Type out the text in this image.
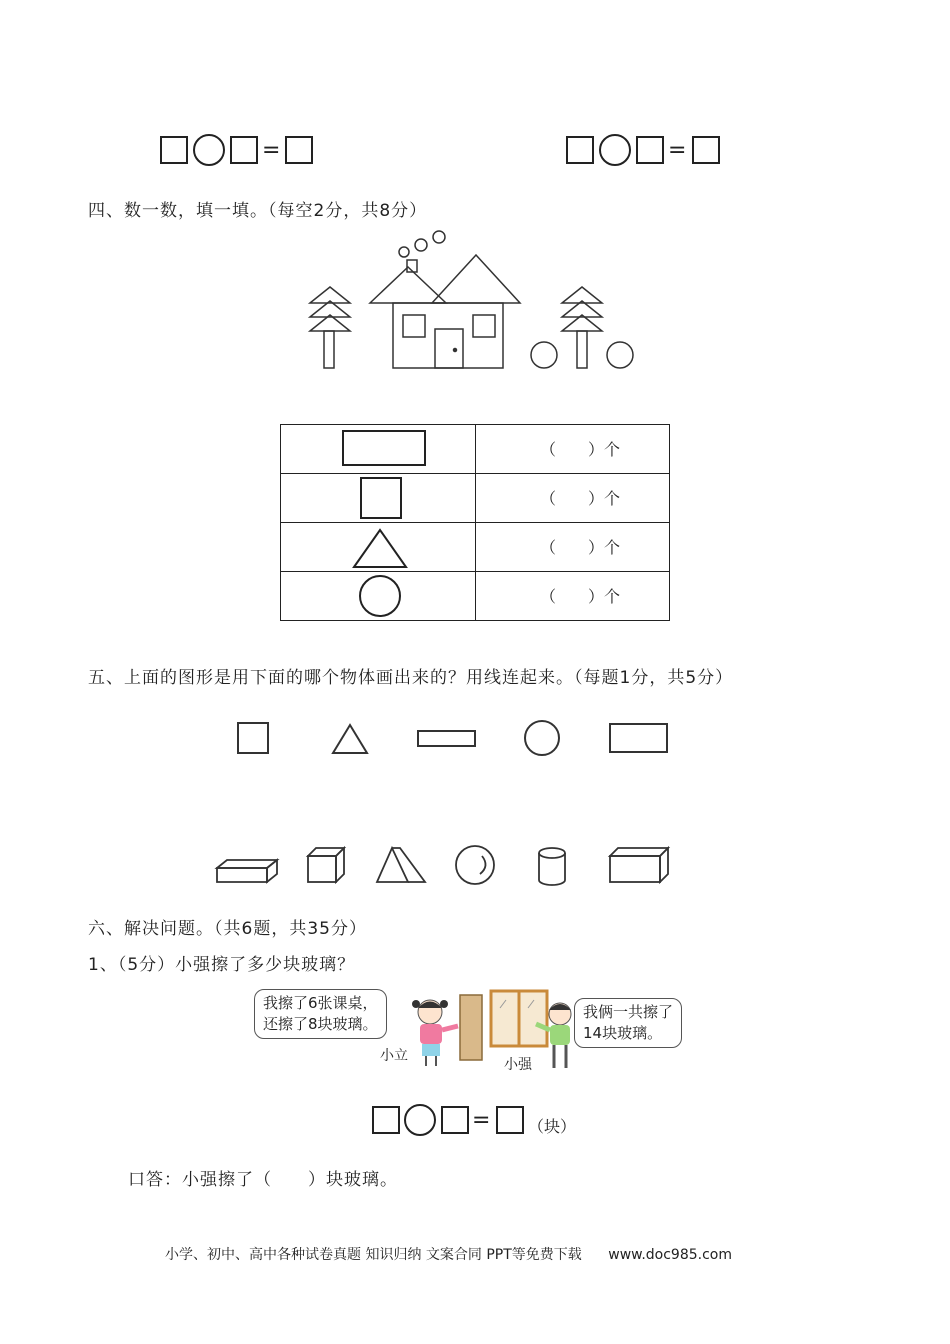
=	=
四、数一数，填一填。（每空2分，共8分）

	（　　）个

	（　　）个

（　　）个

	（　　）个
五、上面的图形是用下面的哪个物体画出来的？用线连起来。（每题1分，共5分）
六、解决问题。（共6题，共35分）
1、（5分）小强擦了多少块玻璃？
我擦了6张课桌，
还擦了8块玻璃。
小立
小强
我俩一共擦了
14块玻璃。
= （块）
口答：小强擦了（　　）块玻璃。
小学、初中、高中各种试卷真题 知识归纳 文案合同 PPT等免费下载 www.doc985.com
